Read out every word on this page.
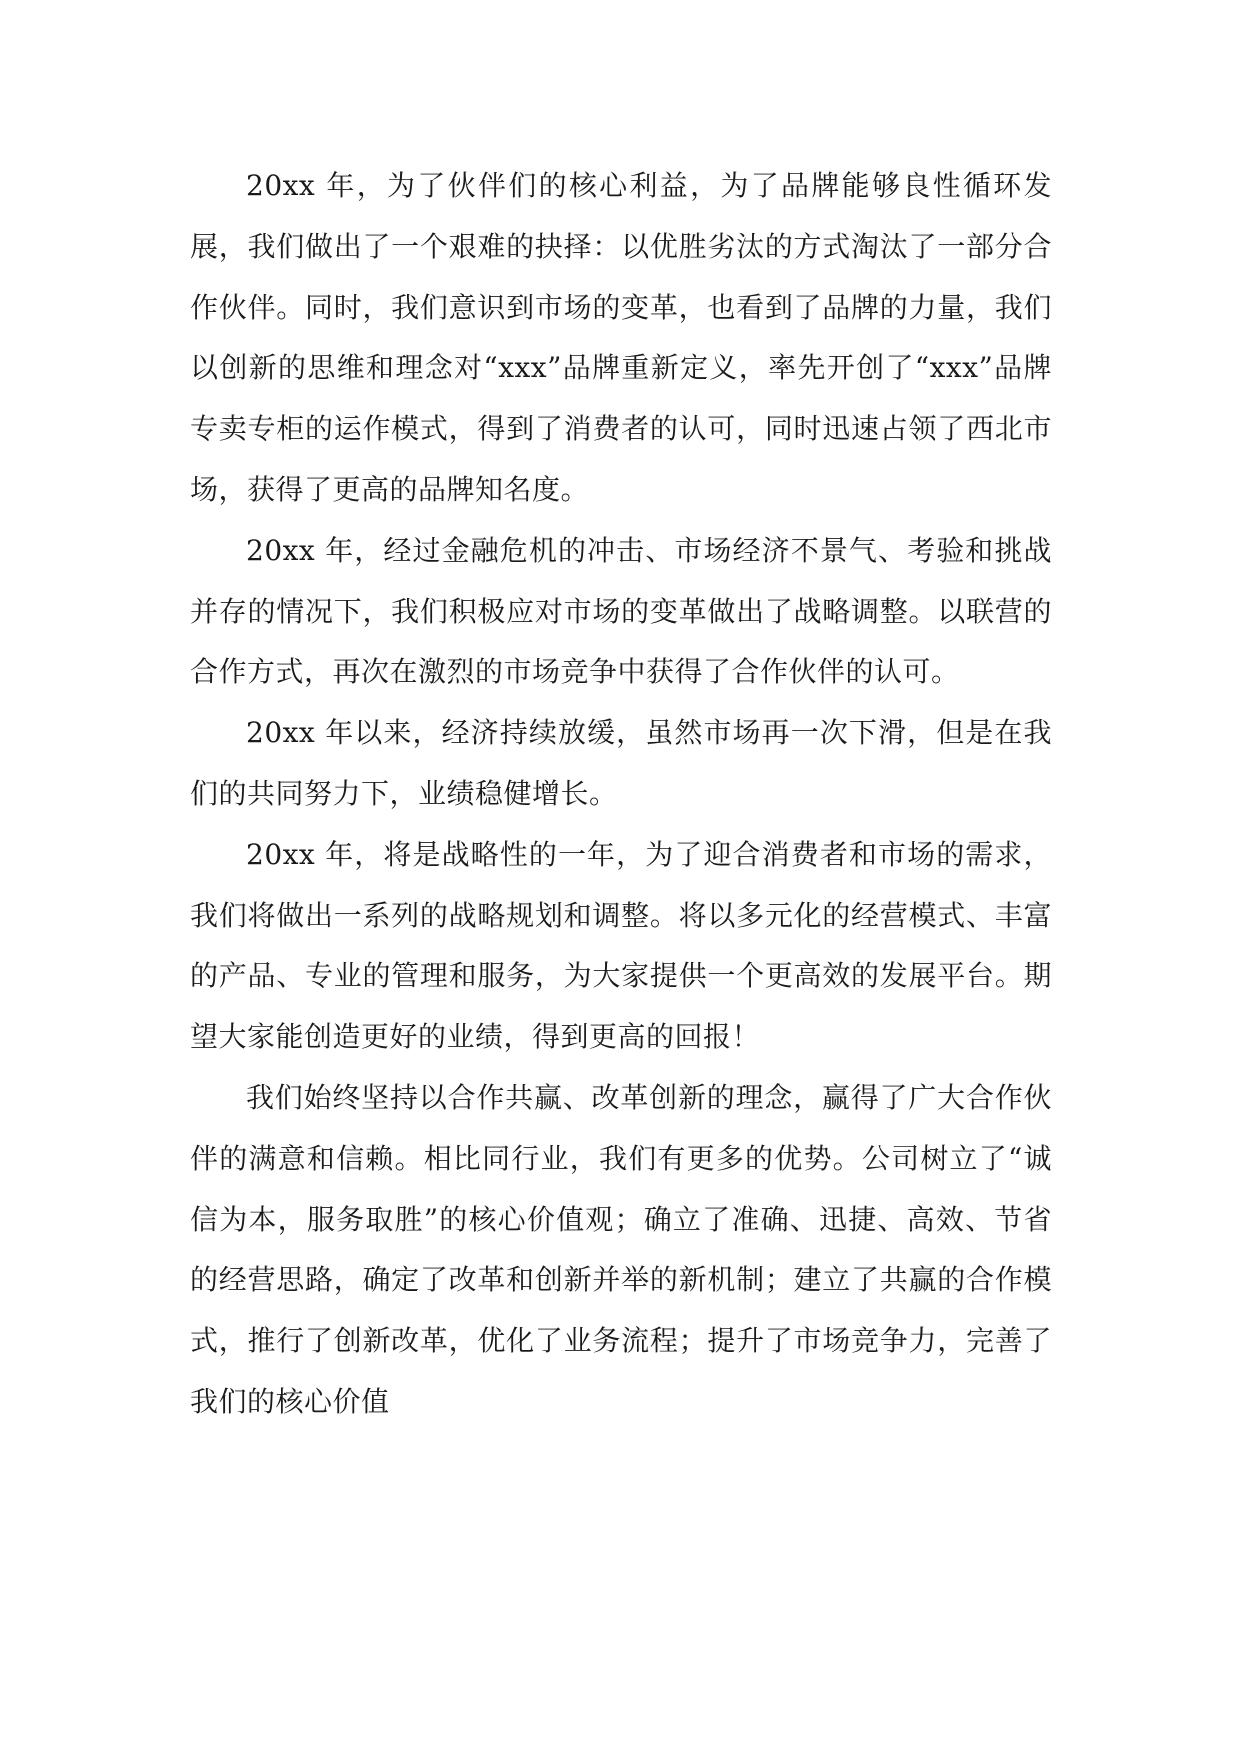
20xx 年，为了伙伴们的核心利益，为了品牌能够良性循环发展，我们做出了一个艰难的抉择：以优胜劣汰的方式淘汰了一部分合作伙伴。同时，我们意识到市场的变革，也看到了品牌的力量，我们以创新的思维和理念对“xxx”品牌重新定义，率先开创了“xxx”品牌专卖专柜的运作模式，得到了消费者的认可，同时迅速占领了西北市场，获得了更高的品牌知名度。

20xx 年，经过金融危机的冲击、市场经济不景气、考验和挑战并存的情况下，我们积极应对市场的变革做出了战略调整。以联营的合作方式，再次在激烈的市场竞争中获得了合作伙伴的认可。

20xx 年以来，经济持续放缓，虽然市场再一次下滑，但是在我们的共同努力下，业绩稳健增长。

20xx 年，将是战略性的一年，为了迎合消费者和市场的需求，我们将做出一系列的战略规划和调整。将以多元化的经营模式、丰富的产品、专业的管理和服务，为大家提供一个更高效的发展平台。期望大家能创造更好的业绩，得到更高的回报！

我们始终坚持以合作共赢、改革创新的理念，赢得了广大合作伙伴的满意和信赖。相比同行业，我们有更多的优势。公司树立了“诚信为本，服务取胜”的核心价值观；确立了准确、迅捷、高效、节省的经营思路，确定了改革和创新并举的新机制；建立了共赢的合作模式，推行了创新改革，优化了业务流程；提升了市场竞争力，完善了我们的核心价值
